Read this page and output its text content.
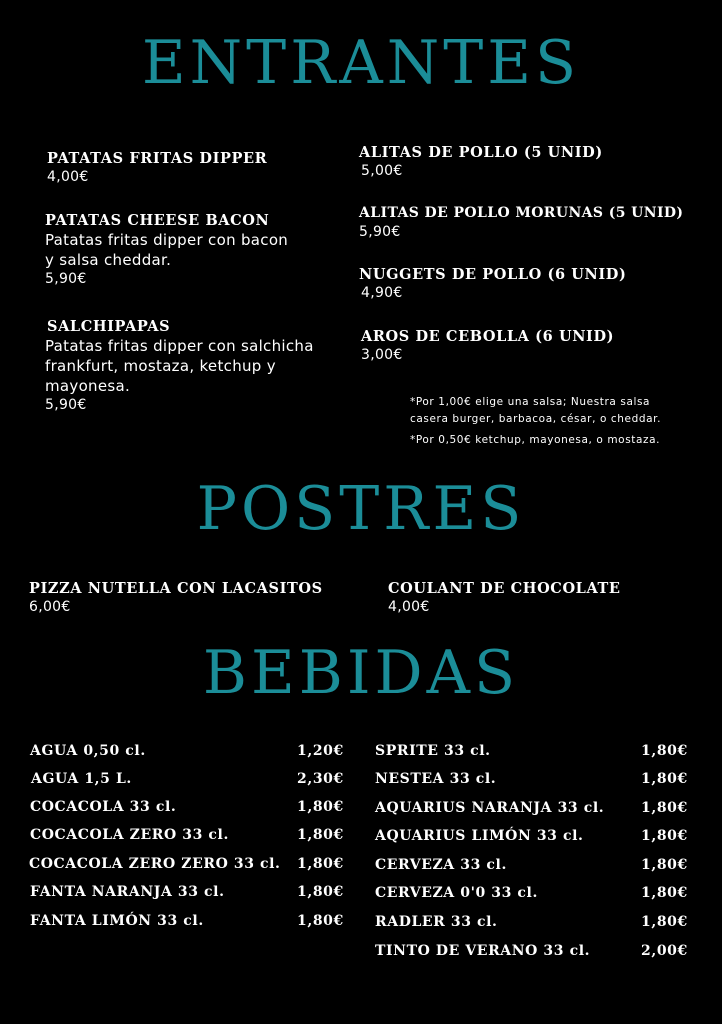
ENTRANTES
PATATAS FRITAS DIPPER
4,00€
PATATAS CHEESE BACON
Patatas fritas dipper con bacon
y salsa cheddar.
5,90€
SALCHIPAPAS
Patatas fritas dipper con salchicha
frankfurt, mostaza, ketchup y
mayonesa.
5,90€
ALITAS DE POLLO (5 UNID)
5,00€
ALITAS DE POLLO MORUNAS (5 UNID)
5,90€
NUGGETS DE POLLO (6 UNID)
4,90€
AROS DE CEBOLLA (6 UNID)
3,00€
*Por 1,00€ elige una salsa; Nuestra salsa
casera burger, barbacoa, césar, o cheddar.
*Por 0,50€ ketchup, mayonesa, o mostaza.
POSTRES
PIZZA NUTELLA CON LACASITOS
6,00€
COULANT DE CHOCOLATE
4,00€
BEBIDAS
AGUA 0,50 cl.	1,20€
AGUA 1,5 L.	2,30€
COCACOLA 33 cl.	1,80€
COCACOLA ZERO 33 cl.	1,80€
COCACOLA ZERO ZERO 33 cl. 1,80€
FANTA NARANJA 33 cl.	1,80€
FANTA LIMÓN 33 cl.	1,80€
SPRITE 33 cl.	1,80€
NESTEA 33 cl.	1,80€
AQUARIUS NARANJA 33 cl.	1,80€
AQUARIUS LIMÓN 33 cl.	1,80€
CERVEZA 33 cl.	1,80€
CERVEZA 0'0 33 cl.	1,80€
RADLER 33 cl.	1,80€
TINTO DE VERANO 33 cl.	2,00€
